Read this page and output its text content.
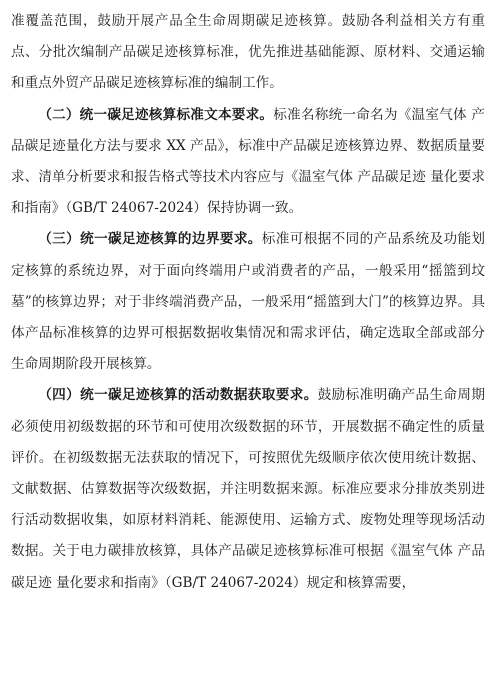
准覆盖范围，鼓励开展产品全生命周期碳足迹核算。鼓励各利益相关方有重点、分批次编制产品碳足迹核算标准，优先推进基础能源、原材料、交通运输和重点外贸产品碳足迹核算标准的编制工作。

（二）统一碳足迹核算标准文本要求。标准名称统一命名为《温室气体 产品碳足迹量化方法与要求 XX 产品》，标准中产品碳足迹核算边界、数据质量要求、清单分析要求和报告格式等技术内容应与《温室气体 产品碳足迹 量化要求和指南》（GB/T 24067-2024）保持协调一致。

（三）统一碳足迹核算的边界要求。标准可根据不同的产品系统及功能划定核算的系统边界，对于面向终端用户或消费者的产品，一般采用“摇篮到坟墓”的核算边界；对于非终端消费产品，一般采用“摇篮到大门”的核算边界。具体产品标准核算的边界可根据数据收集情况和需求评估，确定选取全部或部分生命周期阶段开展核算。

（四）统一碳足迹核算的活动数据获取要求。鼓励标准明确产品生命周期必须使用初级数据的环节和可使用次级数据的环节，开展数据不确定性的质量评价。在初级数据无法获取的情况下，可按照优先级顺序依次使用统计数据、文献数据、估算数据等次级数据，并注明数据来源。标准应要求分排放类别进行活动数据收集，如原材料消耗、能源使用、运输方式、废物处理等现场活动数据。关于电力碳排放核算，具体产品碳足迹核算标准可根据《温室气体 产品碳足迹 量化要求和指南》（GB/T 24067-2024）规定和核算需要，
